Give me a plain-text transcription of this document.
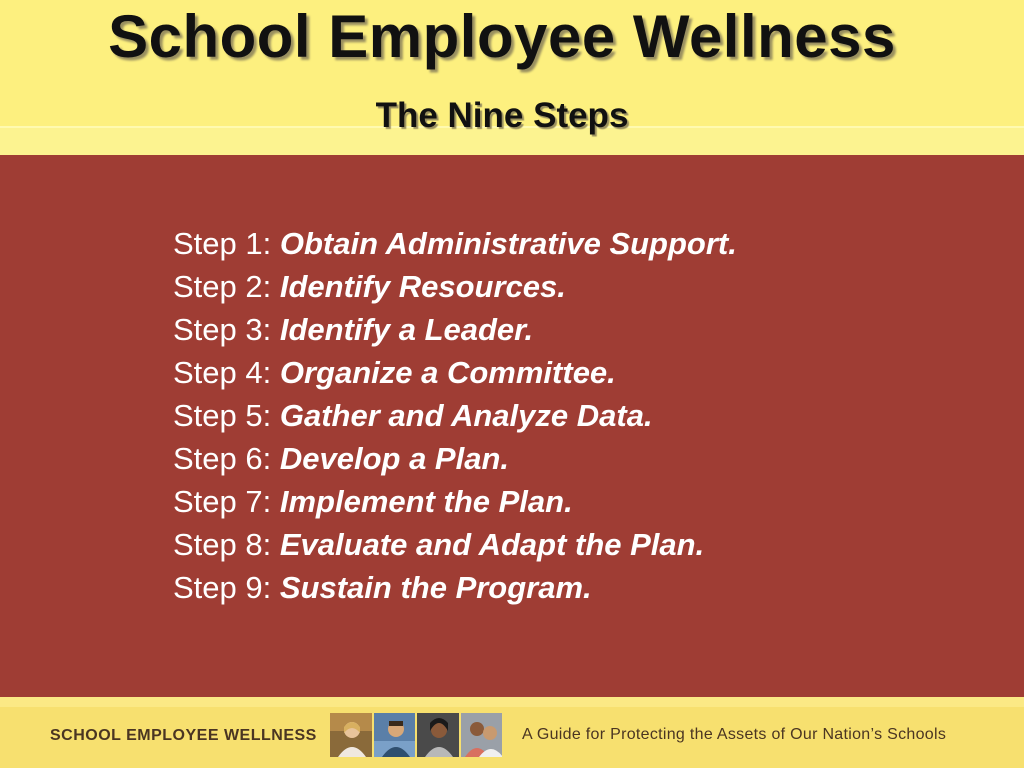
School Employee Wellness
The Nine Steps
Step 1: Obtain Administrative Support.
Step 2: Identify Resources.
Step 3: Identify a Leader.
Step 4: Organize a Committee.
Step 5: Gather and Analyze Data.
Step 6: Develop a Plan.
Step 7: Implement the Plan.
Step 8: Evaluate and Adapt the Plan.
Step 9: Sustain the Program.
SCHOOL EMPLOYEE WELLNESS	A Guide for Protecting the Assets of Our Nation’s Schools
